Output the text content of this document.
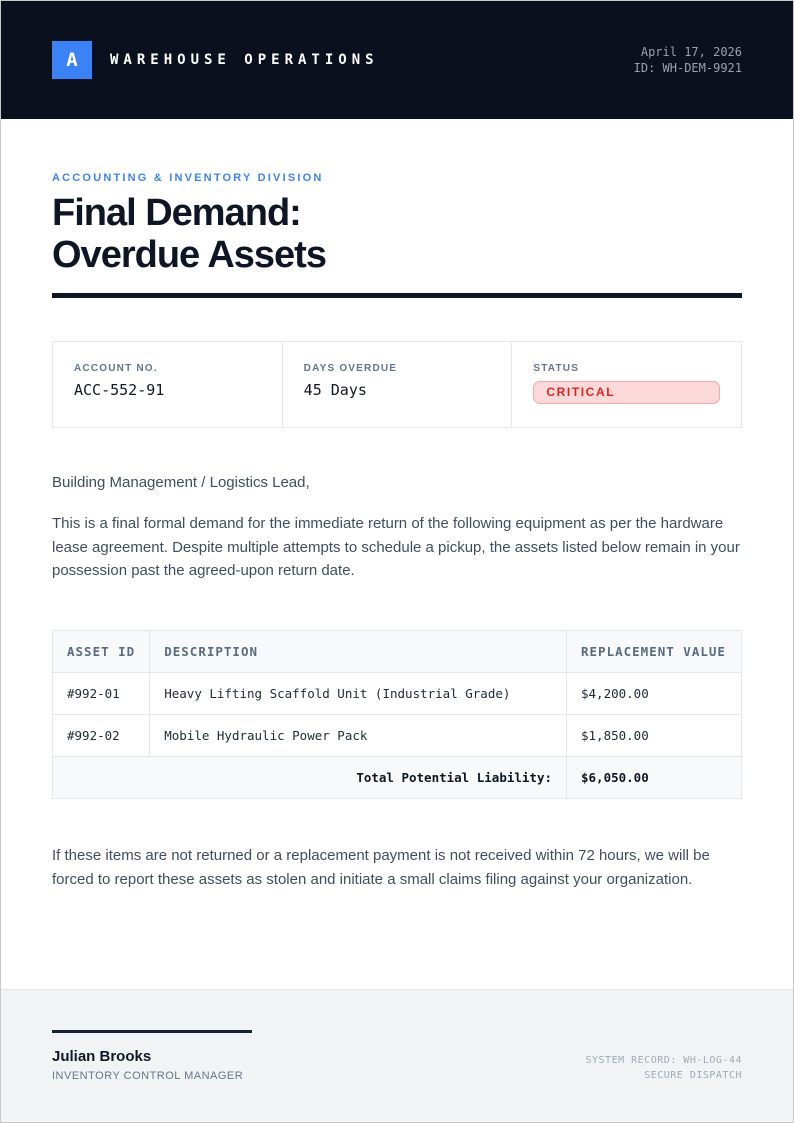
A WAREHOUSE OPERATIONS	April 17, 2026
ID: WH-DEM-9921
ACCOUNTING & INVENTORY DIVISION
Final Demand:
Overdue Assets
ACCOUNT NO.
ACC-552-91
DAYS OVERDUE
45 Days
STATUS
CRITICAL

Building Management / Logistics Lead,

This is a final formal demand for the immediate return of the following equipment as per the hardware lease agreement. Despite multiple attempts to schedule a pickup, the assets listed below remain in your possession past the agreed-upon return date.

ASSET ID	DESCRIPTION	REPLACEMENT VALUE
#992-01	Heavy Lifting Scaffold Unit (Industrial Grade)	$4,200.00
#992-02	Mobile Hydraulic Power Pack	$1,850.00
Total Potential Liability:		$6,050.00

If these items are not returned or a replacement payment is not received within 72 hours, we will be forced to report these assets as stolen and initiate a small claims filing against your organization.

Julian Brooks
INVENTORY CONTROL MANAGER
SYSTEM RECORD: WH-LOG-44
SECURE DISPATCH
